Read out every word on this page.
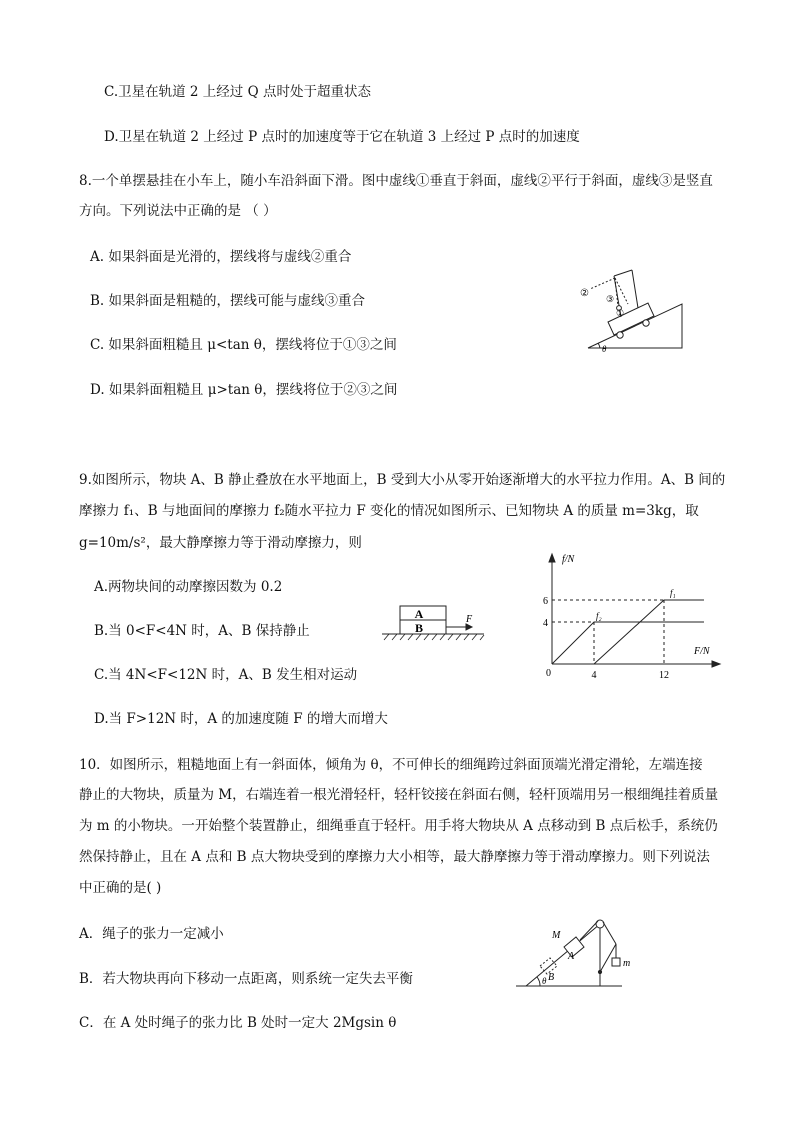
C.卫星在轨道 2 上经过 Q 点时处于超重状态
D.卫星在轨道 2 上经过 P 点时的加速度等于它在轨道 3 上经过 P 点时的加速度
8.一个单摆悬挂在小车上，随小车沿斜面下滑。图中虚线①垂直于斜面，虚线②平行于斜面，虚线③是竖直
方向。下列说法中正确的是 （ ）
A. 如果斜面是光滑的，摆线将与虚线②重合
B. 如果斜面是粗糙的，摆线可能与虚线③重合
C. 如果斜面粗糙且 μ<tan θ，摆线将位于①③之间
D. 如果斜面粗糙且 μ>tan θ，摆线将位于②③之间
② ③
①
θ
9.如图所示，物块 A、B 静止叠放在水平地面上，B 受到大小从零开始逐渐增大的水平拉力作用。A、B 间的
摩擦力 f₁、B 与地面间的摩擦力 f₂随水平拉力 F 变化的情况如图所示、已知物块 A 的质量 m=3kg，取
g=10m/s²，最大静摩擦力等于滑动摩擦力，则
A.两物块间的动摩擦因数为 0.2
B.当 0<F<4N 时，A、B 保持静止
C.当 4N<F<12N 时，A、B 发生相对运动
D.当 F>12N 时，A 的加速度随 F 的增大而增大
A
B
F
f/N
F/N
6
4
0	4	12
f₁
f₂
10．如图所示，粗糙地面上有一斜面体，倾角为 θ，不可伸长的细绳跨过斜面顶端光滑定滑轮，左端连接
静止的大物块，质量为 M，右端连着一根光滑轻杆，轻杆铰接在斜面右侧，轻杆顶端用另一根细绳挂着质量
为 m 的小物块。一开始整个装置静止，细绳垂直于轻杆。用手将大物块从 A 点移动到 B 点后松手，系统仍
然保持静止，且在 A 点和 B 点大物块受到的摩擦力大小相等，最大静摩擦力等于滑动摩擦力。则下列说法
中正确的是( )
A．绳子的张力一定减小
B．若大物块再向下移动一点距离，则系统一定失去平衡
C．在 A 处时绳子的张力比 B 处时一定大 2Mgsin θ
M
A
B
m
θ
